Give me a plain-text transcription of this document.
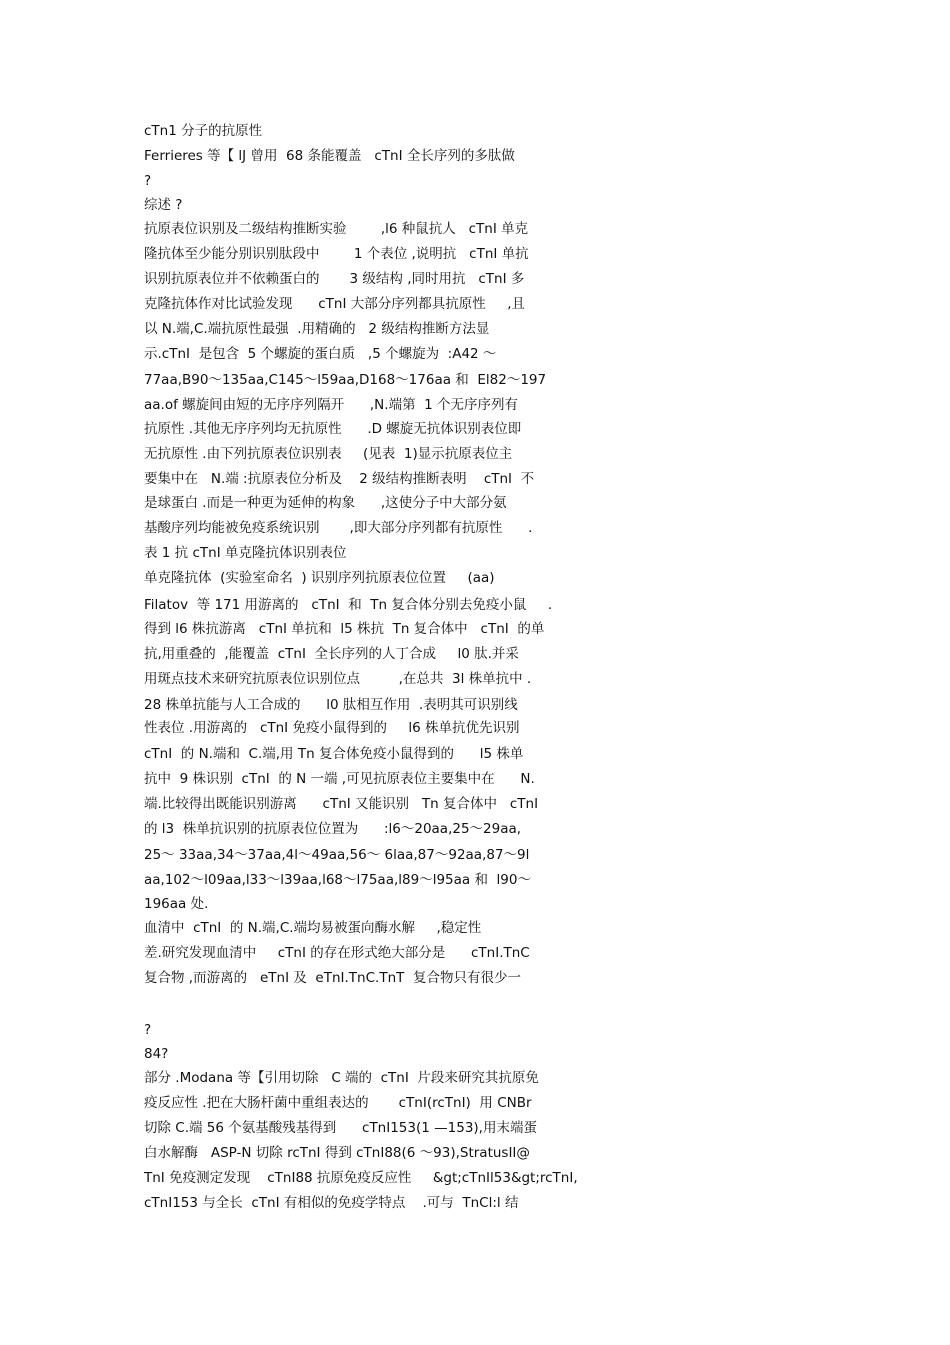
cTn1 分子的抗原性

Ferrieres 等【 lJ 曾用  68 条能覆盖   cTnI 全长序列的多肽做

?

综述 ?

抗原表位识别及二级结构推断实验        ,l6 种鼠抗人   cTnI 单克

隆抗体至少能分别识别肽段中        1 个表位 ,说明抗   cTnI 单抗

识别抗原表位并不依赖蛋白的       3 级结构 ,同时用抗   cTnI 多

克隆抗体作对比试验发现      cTnI 大部分序列都具抗原性     ,且

以 N.端,C.端抗原性最强  .用精确的   2 级结构推断方法显

示.cTnI  是包含  5 个螺旋的蛋白质   ,5 个螺旋为  :A42 ～

77aa,B90～135aa,C145～l59aa,D168～176aa 和  El82～197

aa.of 螺旋间由短的无序序列隔开      ,N.端第  1 个无序序列有

抗原性 .其他无序序列均无抗原性      .D 螺旋无抗体识别表位即

无抗原性 .由下列抗原表位识别表     (见表  1)显示抗原表位主

要集中在   N.端 :抗原表位分析及    2 级结构推断表明    cTnI  不

是球蛋白 .而是一种更为延伸的构象      ,这使分子中大部分氨

基酸序列均能被免疫系统识别       ,即大部分序列都有抗原性      .

表 1 抗 cTnI 单克隆抗体识别表位

单克隆抗体  (实验室命名  ) 识别序列抗原表位位置     (aa)

Filatov  等 171 用游离的   cTnI  和  Tn 复合体分别去免疫小鼠     .

得到 l6 株抗游离   cTnI 单抗和  l5 株抗  Tn 复合体中   cTnI  的单

抗,用重叠的  ,能覆盖  cTnI  全长序列的人丁合成     l0 肽.并采

用斑点技术来研究抗原表位识别位点         ,在总共  3l 株单抗中 .

28 株单抗能与人工合成的      l0 肽相互作用  .表明其可识别线

性表位 .用游离的   cTnI 免疫小鼠得到的     l6 株单抗优先识别

cTnI  的 N.端和  C.端,用 Tn 复合体免疫小鼠得到的      l5 株单

抗中  9 株识别  cTnI  的 N 一端 ,可见抗原表位主要集中在      N.

端.比较得出既能识别游离      cTnI 又能识别   Tn 复合体中   cTnI

的 l3  株单抗识别的抗原表位位置为      :l6～20aa,25～29aa,

25～ 33aa,34～37aa,4l～49aa,56～ 6laa,87～92aa,87～9l

aa,102～l09aa,l33～l39aa,l68～l75aa,l89～l95aa 和  l90～

196aa 处.

血清中  cTnI  的 N.端,C.端均易被蛋向酶水解     ,稳定性

差.研究发现血清中     cTnI 的存在形式绝大部分是      cTnI.TnC

复合物 ,而游离的   eTnI 及  eTnI.TnC.TnT  复合物只有很少一

?

84?

部分 .Modana 等【引用切除   C 端的  cTnI  片段来研究其抗原免

疫反应性 .把在大肠杆菌中重组表达的       cTnI(rcTnI)  用 CNBr

切除 C.端 56 个氨基酸残基得到      cTnI153(1 —153),用末端蛋

白水解酶   ASP-N 切除 rcTnI 得到 cTnI88(6 ～93),StratusII@

TnI 免疫测定发现    cTnI88 抗原免疫反应性     &gt;cTnIl53&gt;rcTnI,

cTnI153 与全长  cTnI 有相似的免疫学特点    .可与  TnCl:l 结
